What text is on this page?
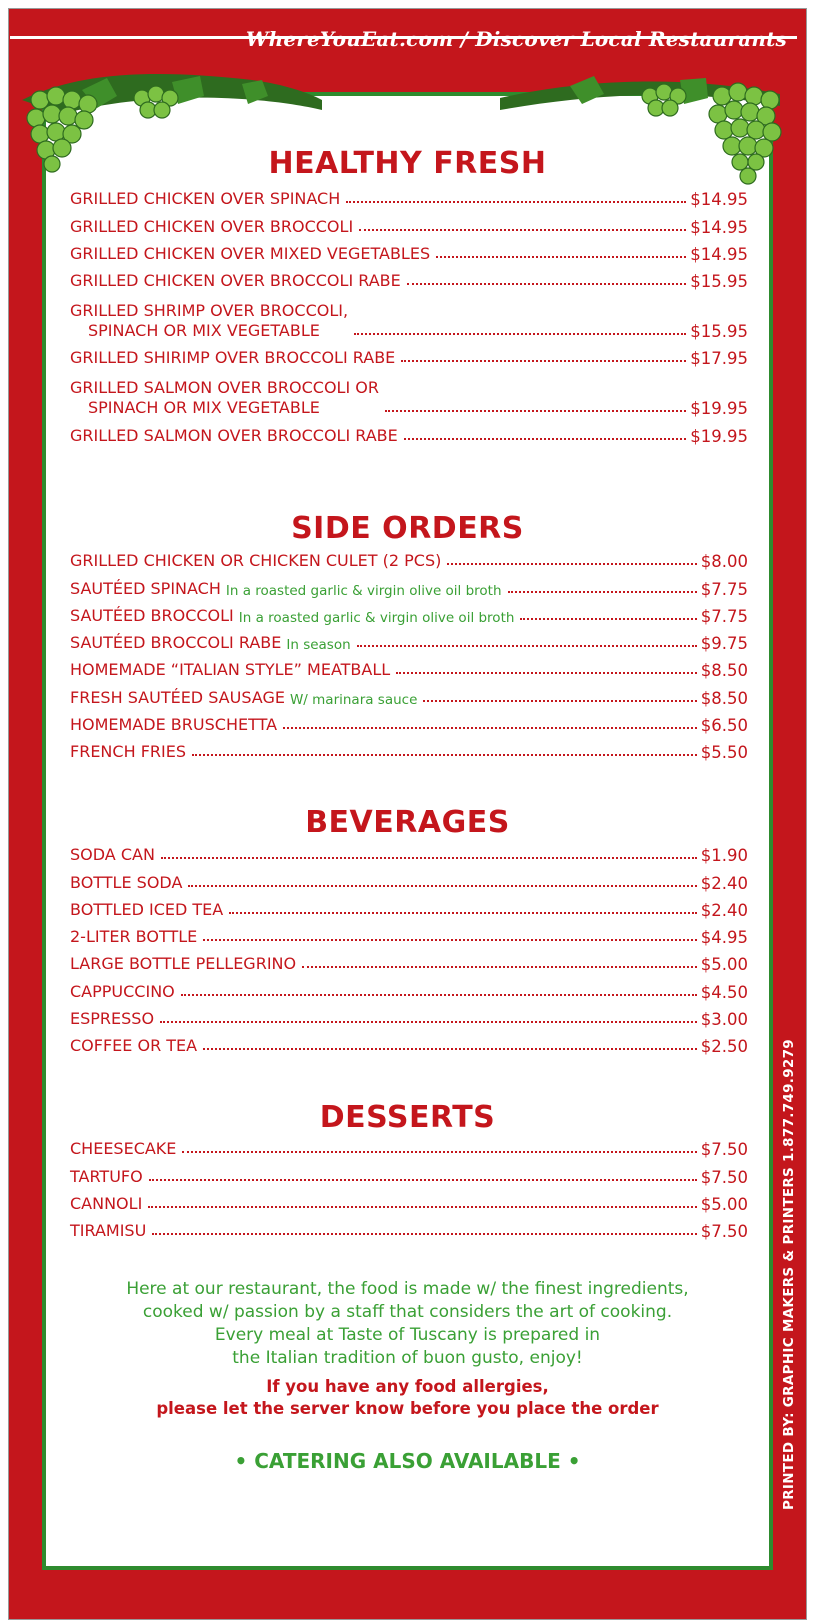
WhereYouEat.com / Discover Local Restaurants
HEALTHY FRESH
GRILLED CHICKEN OVER SPINACH	$14.95
GRILLED CHICKEN OVER BROCCOLI	$14.95
GRILLED CHICKEN OVER MIXED VEGETABLES	$14.95
GRILLED CHICKEN OVER BROCCOLI RABE	$15.95
GRILLED SHRIMP OVER BROCCOLI,
SPINACH OR MIX VEGETABLE	$15.95
GRILLED SHIRIMP OVER BROCCOLI RABE	$17.95
GRILLED SALMON OVER BROCCOLI OR
SPINACH OR MIX VEGETABLE	$19.95
GRILLED SALMON OVER BROCCOLI RABE	$19.95
SIDE ORDERS
GRILLED CHICKEN OR CHICKEN CULET (2 PCS)	$8.00
SAUTÉED SPINACH In a roasted garlic & virgin olive oil broth	$7.75
SAUTÉED BROCCOLI In a roasted garlic & virgin olive oil broth	$7.75
SAUTÉED BROCCOLI RABE In season	$9.75
HOMEMADE “ITALIAN STYLE” MEATBALL	$8.50
FRESH SAUTÉED SAUSAGE W/ marinara sauce	$8.50
HOMEMADE BRUSCHETTA	$6.50
FRENCH FRIES	$5.50
BEVERAGES
SODA CAN	$1.90
BOTTLE SODA	$2.40
BOTTLED ICED TEA	$2.40
2-LITER BOTTLE	$4.95
LARGE BOTTLE PELLEGRINO	$5.00
CAPPUCCINO	$4.50
ESPRESSO	$3.00
COFFEE OR TEA	$2.50
DESSERTS
CHEESECAKE	$7.50
TARTUFO	$7.50
CANNOLI	$5.00
TIRAMISU	$7.50
Here at our restaurant, the food is made w/ the finest ingredients,
cooked w/ passion by a staff that considers the art of cooking.
Every meal at Taste of Tuscany is prepared in
the Italian tradition of buon gusto, enjoy!
If you have any food allergies,
please let the server know before you place the order
• CATERING ALSO AVAILABLE •	PRINTED BY: GRAPHIC MAKERS & PRINTERS 1.877.749.9279
